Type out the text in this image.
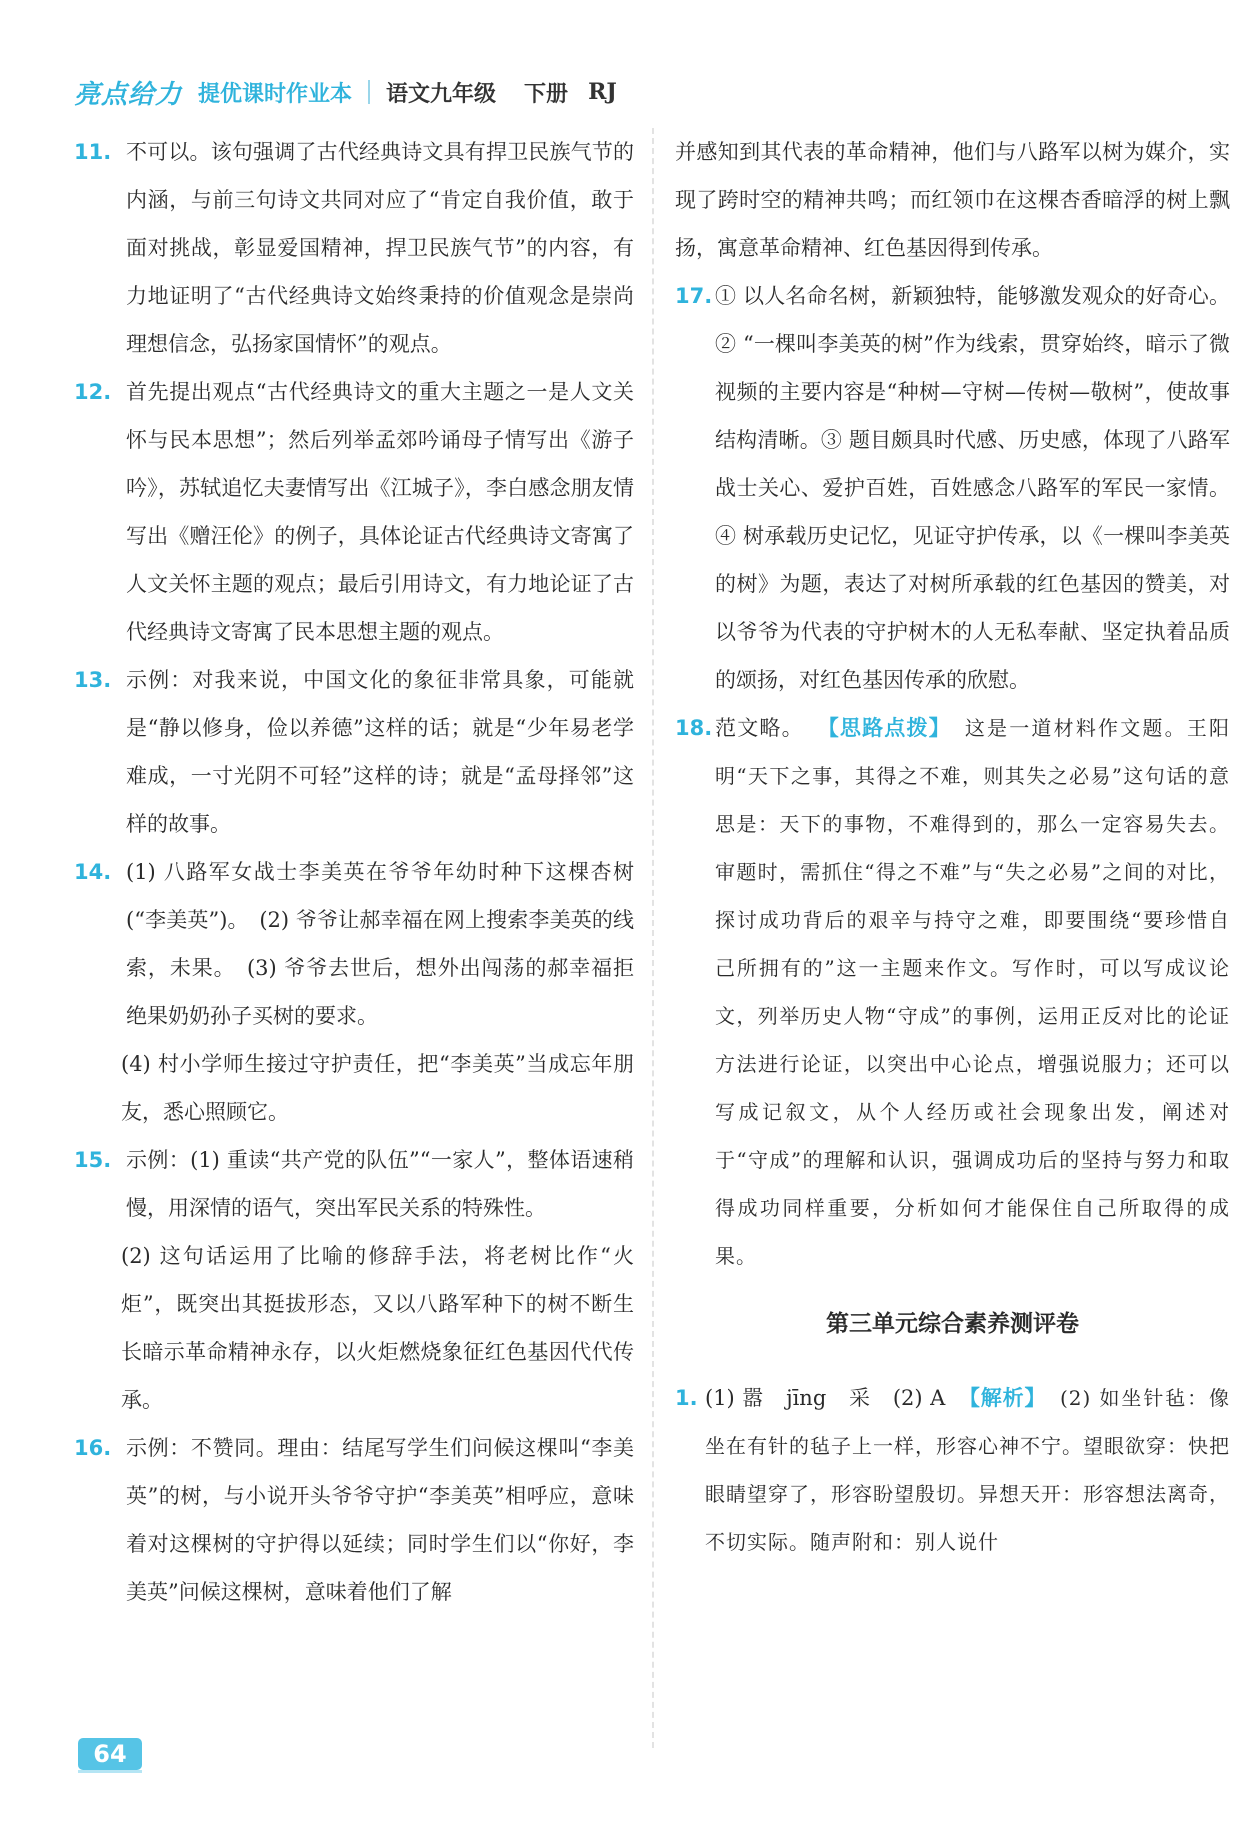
亮点给力 提优课时作业本 语文九年级 下册 RJ
11. 不可以。该句强调了古代经典诗文具有捍卫民族气节的内涵，与前三句诗文共同对应了“肯定自我价值，敢于面对挑战，彰显爱国精神，捍卫民族气节”的内容，有力地证明了“古代经典诗文始终秉持的价值观念是崇尚理想信念，弘扬家国情怀”的观点。
12. 首先提出观点“古代经典诗文的重大主题之一是人文关怀与民本思想”；然后列举孟郊吟诵母子情写出《游子吟》，苏轼追忆夫妻情写出《江城子》，李白感念朋友情写出《赠汪伦》的例子，具体论证古代经典诗文寄寓了人文关怀主题的观点；最后引用诗文，有力地论证了古代经典诗文寄寓了民本思想主题的观点。
13. 示例：对我来说，中国文化的象征非常具象，可能就是“静以修身，俭以养德”这样的话；就是“少年易老学难成，一寸光阴不可轻”这样的诗；就是“孟母择邻”这样的故事。
14. (1) 八路军女战士李美英在爷爷年幼时种下这棵杏树(“李美英”)。　(2) 爷爷让郝幸福在网上搜索李美英的线索，未果。　(3) 爷爷去世后，想外出闯荡的郝幸福拒绝果奶奶孙子买树的要求。
(4) 村小学师生接过守护责任，把“李美英”当成忘年朋友，悉心照顾它。
15. 示例：(1) 重读“共产党的队伍”“一家人”，整体语速稍慢，用深情的语气，突出军民关系的特殊性。
(2) 这句话运用了比喻的修辞手法，将老树比作“火炬”，既突出其挺拔形态，又以八路军种下的树不断生长暗示革命精神永存，以火炬燃烧象征红色基因代代传承。
16. 示例：不赞同。理由：结尾写学生们问候这棵叫“李美英”的树，与小说开头爷爷守护“李美英”相呼应，意味着对这棵树的守护得以延续；同时学生们以“你好，李美英”问候这棵树，意味着他们了解
并感知到其代表的革命精神，他们与八路军以树为媒介，实现了跨时空的精神共鸣；而红领巾在这棵杏香暗浮的树上飘扬，寓意革命精神、红色基因得到传承。
17. ① 以人名命名树，新颖独特，能够激发观众的好奇心。② “一棵叫李美英的树”作为线索，贯穿始终，暗示了微视频的主要内容是“种树—守树—传树—敬树”，使故事结构清晰。③ 题目颇具时代感、历史感，体现了八路军战士关心、爱护百姓，百姓感念八路军的军民一家情。④ 树承载历史记忆，见证守护传承，以《一棵叫李美英的树》为题，表达了对树所承载的红色基因的赞美，对以爷爷为代表的守护树木的人无私奉献、坚定执着品质的颂扬，对红色基因传承的欣慰。
18. 范文略。 【思路点拨】 这是一道材料作文题。王阳明“天下之事，其得之不难，则其失之必易”这句话的意思是：天下的事物，不难得到的，那么一定容易失去。审题时，需抓住“得之不难”与“失之必易”之间的对比，探讨成功背后的艰辛与持守之难，即要围绕“要珍惜自己所拥有的”这一主题来作文。写作时，可以写成议论文，列举历史人物“守成”的事例，运用正反对比的论证方法进行论证，以突出中心论点，增强说服力；还可以写成记叙文，从个人经历或社会现象出发，阐述对于“守成”的理解和认识，强调成功后的坚持与努力和取得成功同样重要，分析如何才能保住自己所取得的成果。
第三单元综合素养测评卷
1. (1) 嚣　jīng　采　(2) A 【解析】 (2) 如坐针毡：像坐在有针的毡子上一样，形容心神不宁。望眼欲穿：快把眼睛望穿了，形容盼望殷切。异想天开：形容想法离奇，不切实际。随声附和：别人说什
64
